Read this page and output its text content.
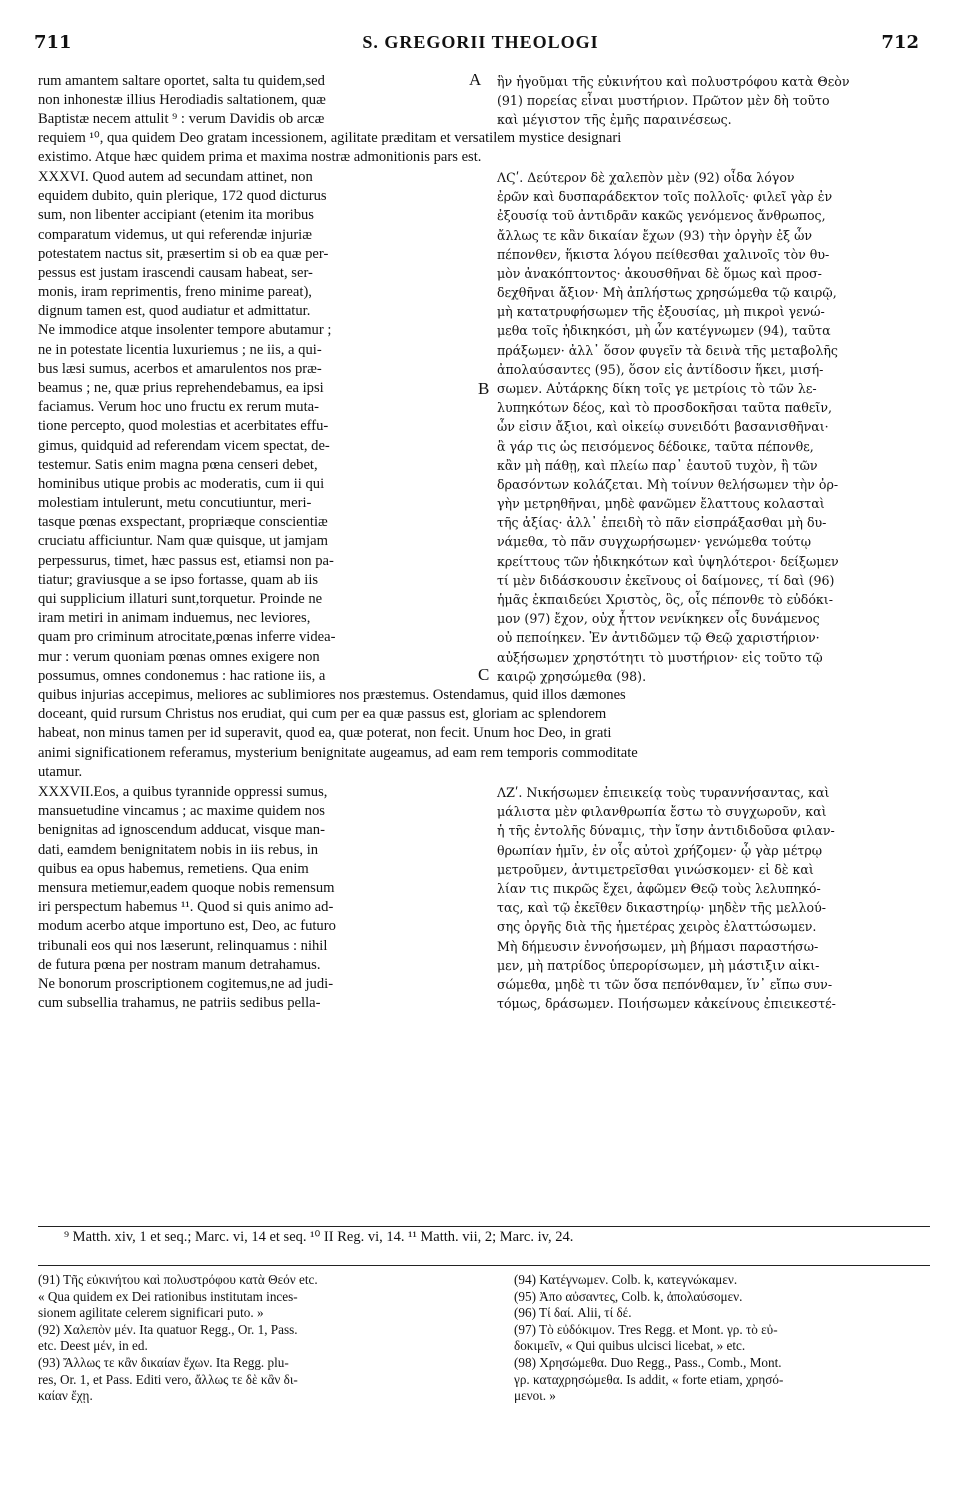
711	S. GREGORII THEOLOGI	712
rum amantem saltare oportet, salta tu quidem,sed
non inhonestæ illius Herodiadis saltationem, quæ
Baptistæ necem attulit ⁹ : verum Davidis ob arcæ
ἣν ἡγοῦμαι τῆς εὐκινήτου καὶ πολυστρόφου κατὰ Θεὸν
(91) πορείας εἶναι μυστήριον. Πρῶτον μὲν δὴ τοῦτο
καὶ μέγιστον τῆς ἐμῆς παραινέσεως.
requiem ¹⁰, qua quidem Deo gratam incessionem, agilitate præditam et versatilem mystice designari
existimo. Atque hæc quidem prima et maxima nostræ admonitionis pars est.
XXXVI. Quod autem ad secundam attinet, non
equidem dubito, quin plerique, 172 quod dicturus
sum, non libenter accipiant (etenim ita moribus
comparatum videmus, ut qui referendæ injuriæ
potestatem nactus sit, præsertim si ob ea quæ per-
pessus est justam irascendi causam habeat, ser-
monis, iram reprimentis, freno minime pareat),
dignum tamen est, quod audiatur et admittatur.
Ne immodice atque insolenter tempore abutamur ;
ne in potestate licentia luxuriemus ; ne iis, a qui-
bus læsi sumus, acerbos et amarulentos nos præ-
beamus ; ne, quæ prius reprehendebamus, ea ipsi
faciamus. Verum hoc uno fructu ex rerum muta-
tione percepto, quod molestias et acerbitates effu-
gimus, quidquid ad referendam vicem spectat, de-
testemur. Satis enim magna pœna censeri debet,
hominibus utique probis ac moderatis, cum ii qui
molestiam intulerunt, metu concutiuntur, meri-
tasque pœnas exspectant, propriæque conscientiæ
cruciatu afficiuntur. Nam quæ quisque, ut jamjam
perpessurus, timet, hæc passus est, etiamsi non pa-
tiatur; graviusque a se ipso fortasse, quam ab iis
qui supplicium illaturi sunt,torquetur. Proinde ne
iram metiri in animam induemus, nec leviores,
quam pro criminum atrocitate,pœnas inferre videa-
mur : verum quoniam pœnas omnes exigere non
possumus, omnes condonemus : hac ratione iis, a
ΛϚʹ. Δεύτερον δὲ χαλεπὸν μὲν (92) οἶδα λόγον
ἐρῶν καὶ δυσπαράδεκτον τοῖς πολλοῖς· φιλεῖ γὰρ ἐν
ἐξουσίᾳ τοῦ ἀντιδρᾶν κακῶς γενόμενος ἄνθρωπος,
ἄλλως τε κἂν δικαίαν ἔχων (93) τὴν ὀργὴν ἐξ ὧν
πέπονθεν, ἥκιστα λόγου πείθεσθαι χαλινοῖς τὸν θυ-
μὸν ἀνακόπτοντος· ἀκουσθῆναι δὲ ὅμως καὶ προσ-
δεχθῆναι ἄξιον· Μὴ ἀπλήστως χρησώμεθα τῷ καιρῷ,
μὴ κατατρυφήσωμεν τῆς ἐξουσίας, μὴ πικροὶ γενώ-
μεθα τοῖς ἠδικηκόσι, μὴ ὧν κατέγνωμεν (94), ταῦτα
πράξωμεν· ἀλλ᾽ ὅσον φυγεῖν τὰ δεινὰ τῆς μεταβολῆς
ἀπολαύσαντες (95), ὅσον εἰς ἀντίδοσιν ἥκει, μισή-
σωμεν. Αὐτάρκης δίκη τοῖς γε μετρίοις τὸ τῶν λε-
λυπηκότων δέος, καὶ τὸ προσδοκῆσαι ταῦτα παθεῖν,
ὧν εἰσιν ἄξιοι, καὶ οἰκείῳ συνειδότι βασανισθῆναι·
ἃ γάρ τις ὡς πεισόμενος δέδοικε, ταῦτα πέπονθε,
κἂν μὴ πάθῃ, καὶ πλείω παρ᾽ ἑαυτοῦ τυχὸν, ἢ τῶν
δρασόντων κολάζεται. Μὴ τοίνυν θελήσωμεν τὴν ὀρ-
γὴν μετρηθῆναι, μηδὲ φανῶμεν ἔλαττους κολασταὶ
τῆς ἀξίας· ἀλλ᾽ ἐπειδὴ τὸ πᾶν εἰσπράξασθαι μὴ δυ-
νάμεθα, τὸ πᾶν συγχωρήσωμεν· γενώμεθα τούτῳ
κρείττους τῶν ἠδικηκότων καὶ ὑψηλότεροι· δείξωμεν
τί μὲν διδάσκουσιν ἐκεῖνους οἱ δαίμονες, τί δαὶ (96)
ἡμᾶς ἐκπαιδεύει Χριστὸς, ὃς, οἷς πέπονθε τὸ εὐδόκι-
μον (97) ἔχον, οὐχ ἧττον νενίκηκεν οἷς δυνάμενος
οὐ πεποίηκεν. Ἐν ἀντιδῶμεν τῷ Θεῷ χαριστήριον·
αὐξήσωμεν χρηστότητι τὸ μυστήριον· εἰς τοῦτο τῷ
καιρῷ χρησώμεθα (98).
quibus injurias accepimus, meliores ac sublimiores nos præstemus. Ostendamus, quid illos dæmones
doceant, quid rursum Christus nos erudiat, qui cum per ea quæ passus est, gloriam ac splendorem
habeat, non minus tamen per id superavit, quod ea, quæ poterat, non fecit. Unum hoc Deo, in grati
animi significationem referamus, mysterium benignitate augeamus, ad eam rem temporis commoditate
utamur.
XXXVII.Eos, a quibus tyrannide oppressi sumus,
mansuetudine vincamus ; ac maxime quidem nos
benignitas ad ignoscendum adducat, visque man-
dati, eamdem benignitatem nobis in iis rebus, in
quibus ea opus habemus, remetiens. Qua enim
mensura metiemur,eadem quoque nobis remensum
iri perspectum habemus ¹¹. Quod si quis animo ad-
modum acerbo atque importuno est, Deo, ac futuro
tribunali eos qui nos læserunt, relinquamus : nihil
de futura pœna per nostram manum detrahamus.
Ne bonorum proscriptionem cogitemus,ne ad judi-
cum subsellia trahamus, ne patriis sedibus pella-
ΛΖʹ. Νικήσωμεν ἐπιεικείᾳ τοὺς τυραννήσαντας, καὶ
μάλιστα μὲν φιλανθρωπία ἔστω τὸ συγχωροῦν, καὶ
ἡ τῆς ἐντολῆς δύναμις, τὴν ἴσην ἀντιδιδοῦσα φιλαν-
θρωπίαν ἡμῖν, ἐν οἷς αὐτοὶ χρήζομεν· ᾧ γὰρ μέτρῳ
μετροῦμεν, ἀντιμετρεῖσθαι γινώσκομεν· εἰ δὲ καὶ
λίαν τις πικρῶς ἔχει, ἀφῶμεν Θεῷ τοὺς λελυπηκό-
τας, καὶ τῷ ἐκεῖθεν δικαστηρίῳ· μηδὲν τῆς μελλού-
σης ὀργῆς διὰ τῆς ἡμετέρας χειρὸς ἐλαττώσωμεν.
Μὴ δήμευσιν ἐννοήσωμεν, μὴ βήμασι παραστήσω-
μεν, μὴ πατρίδος ὑπερορίσωμεν, μὴ μάστιξιν αἰκι-
σώμεθα, μηδὲ τι τῶν ὅσα πεπόνθαμεν, ἵν᾽ εἴπω συν-
τόμως, δράσωμεν. Ποιήσωμεν κἀκείνους ἐπιεικεστέ-
A
B
C
⁹ Matth. xiv, 1 et seq.; Marc. vi, 14 et seq. ¹⁰ II Reg. vi, 14. ¹¹ Matth. vii, 2; Marc. iv, 24.
(91) Τῆς εὐκινήτου καὶ πολυστρόφου κατὰ Θεόν etc.
« Qua quidem ex Dei rationibus institutam inces-
sionem agilitate celerem significari puto. »
(92) Χαλεπὸν μέν. Ita quatuor Regg., Or. 1, Pass.
etc. Deest μέν, in ed.
(93) Ἄλλως τε κἂν δικαίαν ἔχων. Ita Regg. plu-
res, Or. 1, et Pass. Editi vero, ἄλλως τε δὲ κἂν δι-
καίαν ἔχῃ.
(94) Κατέγνωμεν. Colb. k, κατεγνώκαμεν.
(95) Ἀπο αὐσαντες, Colb. k, ἀπολαύσομεν.
(96) Τί δαί. Alii, τί δέ.
(97) Τὸ εὐδόκιμον. Tres Regg. et Mont. γρ. τὸ εὐ-
δοκιμεῖν, « Qui quibus ulcisci licebat, » etc.
(98) Χρησώμεθα. Duo Regg., Pass., Comb., Mont.
γρ. καταχρησώμεθα. Is addit, « forte etiam, χρησό-
μενοι. »
